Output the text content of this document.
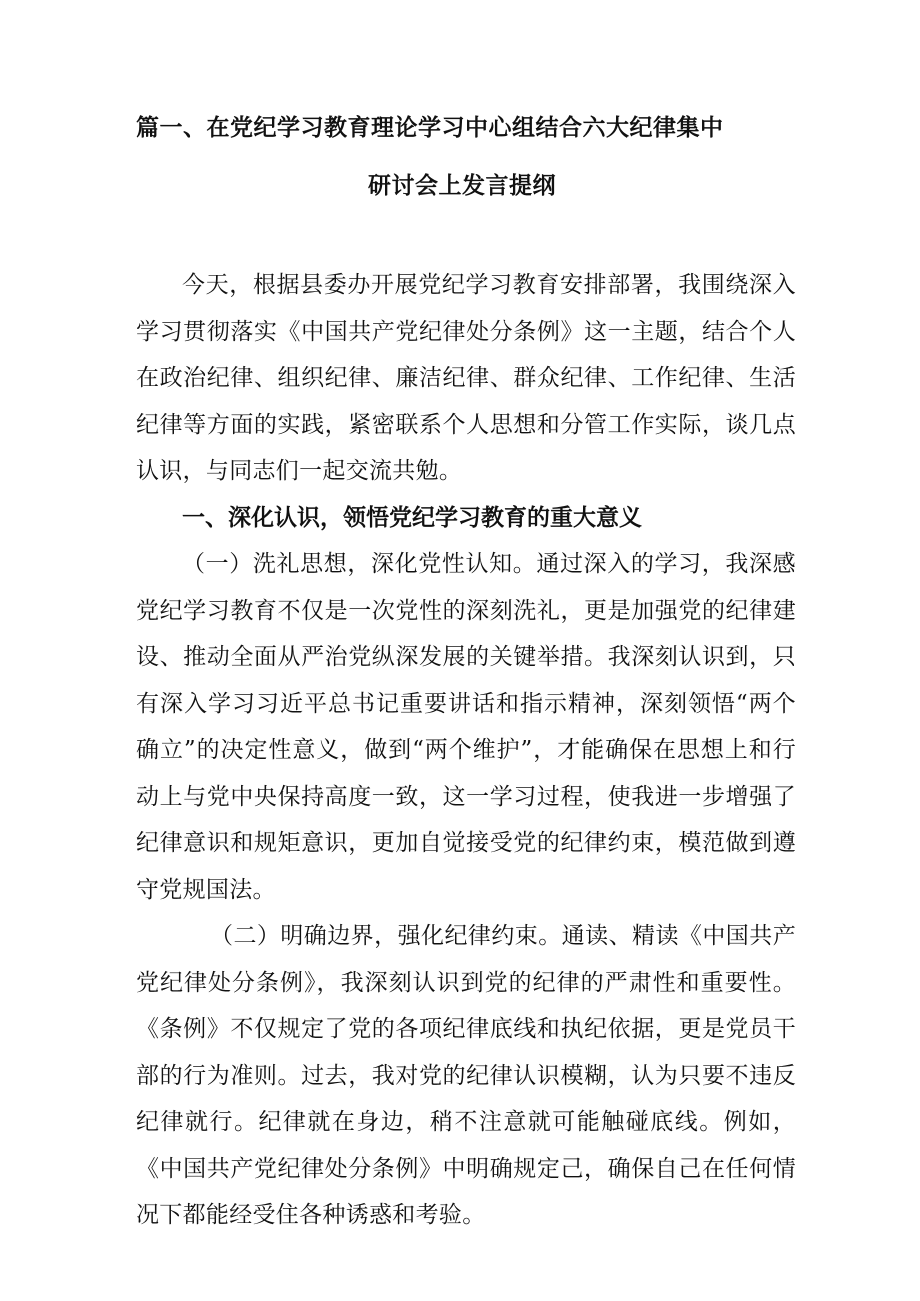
篇一、在党纪学习教育理论学习中心组结合六大纪律集中
研讨会上发言提纲

今天，根据县委办开展党纪学习教育安排部署，我围绕深入学习贯彻落实《中国共产党纪律处分条例》这一主题，结合个人在政治纪律、组织纪律、廉洁纪律、群众纪律、工作纪律、生活纪律等方面的实践，紧密联系个人思想和分管工作实际，谈几点认识，与同志们一起交流共勉。

一、深化认识，领悟党纪学习教育的重大意义

（一）洗礼思想，深化党性认知。通过深入的学习，我深感党纪学习教育不仅是一次党性的深刻洗礼，更是加强党的纪律建设、推动全面从严治党纵深发展的关键举措。我深刻认识到，只有深入学习习近平总书记重要讲话和指示精神，深刻领悟“两个确立”的决定性意义，做到“两个维护”，才能确保在思想上和行动上与党中央保持高度一致，这一学习过程，使我进一步增强了纪律意识和规矩意识，更加自觉接受党的纪律约束，模范做到遵守党规国法。

（二）明确边界，强化纪律约束。通读、精读《中国共产党纪律处分条例》，我深刻认识到党的纪律的严肃性和重要性。《条例》不仅规定了党的各项纪律底线和执纪依据，更是党员干部的行为准则。过去，我对党的纪律认识模糊，认为只要不违反纪律就行。纪律就在身边，稍不注意就可能触碰底线。例如，《中国共产党纪律处分条例》中明确规定己，确保自己在任何情况下都能经受住各种诱惑和考验。
